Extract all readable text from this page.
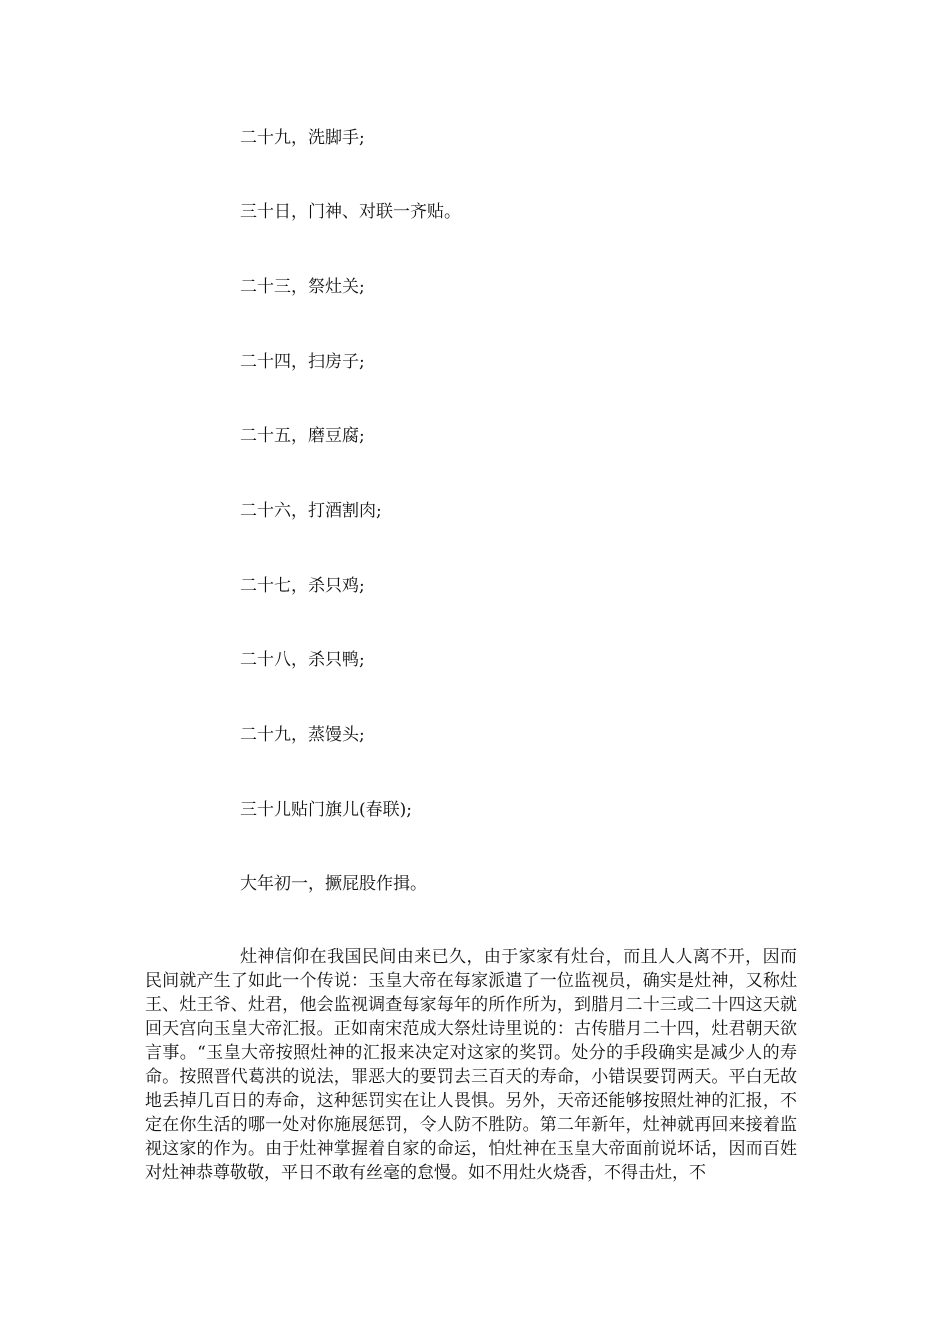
二十九，洗脚手;
三十日，门神、对联一齐贴。
二十三，祭灶关;
二十四，扫房子;
二十五，磨豆腐;
二十六，打酒割肉;
二十七，杀只鸡;
二十八，杀只鸭;
二十九，蒸馒头;
三十儿贴门旗儿(春联);
大年初一，撅屁股作揖。

灶神信仰在我国民间由来已久，由于家家有灶台，而且人人离不开，因而民间就产生了如此一个传说：玉皇大帝在每家派遣了一位监视员，确实是灶神，又称灶王、灶王爷、灶君，他会监视调查每家每年的所作所为，到腊月二十三或二十四这天就回天宫向玉皇大帝汇报。正如南宋范成大祭灶诗里说的：古传腊月二十四，灶君朝天欲言事。“玉皇大帝按照灶神的汇报来决定对这家的奖罚。处分的手段确实是减少人的寿命。按照晋代葛洪的说法，罪恶大的要罚去三百天的寿命，小错误要罚两天。平白无故地丢掉几百日的寿命，这种惩罚实在让人畏惧。另外，天帝还能够按照灶神的汇报，不定在你生活的哪一处对你施展惩罚，令人防不胜防。第二年新年，灶神就再回来接着监视这家的作为。由于灶神掌握着自家的命运，怕灶神在玉皇大帝面前说坏话，因而百姓对灶神恭尊敬敬，平日不敢有丝毫的怠慢。如不用灶火烧香，不得击灶，不
